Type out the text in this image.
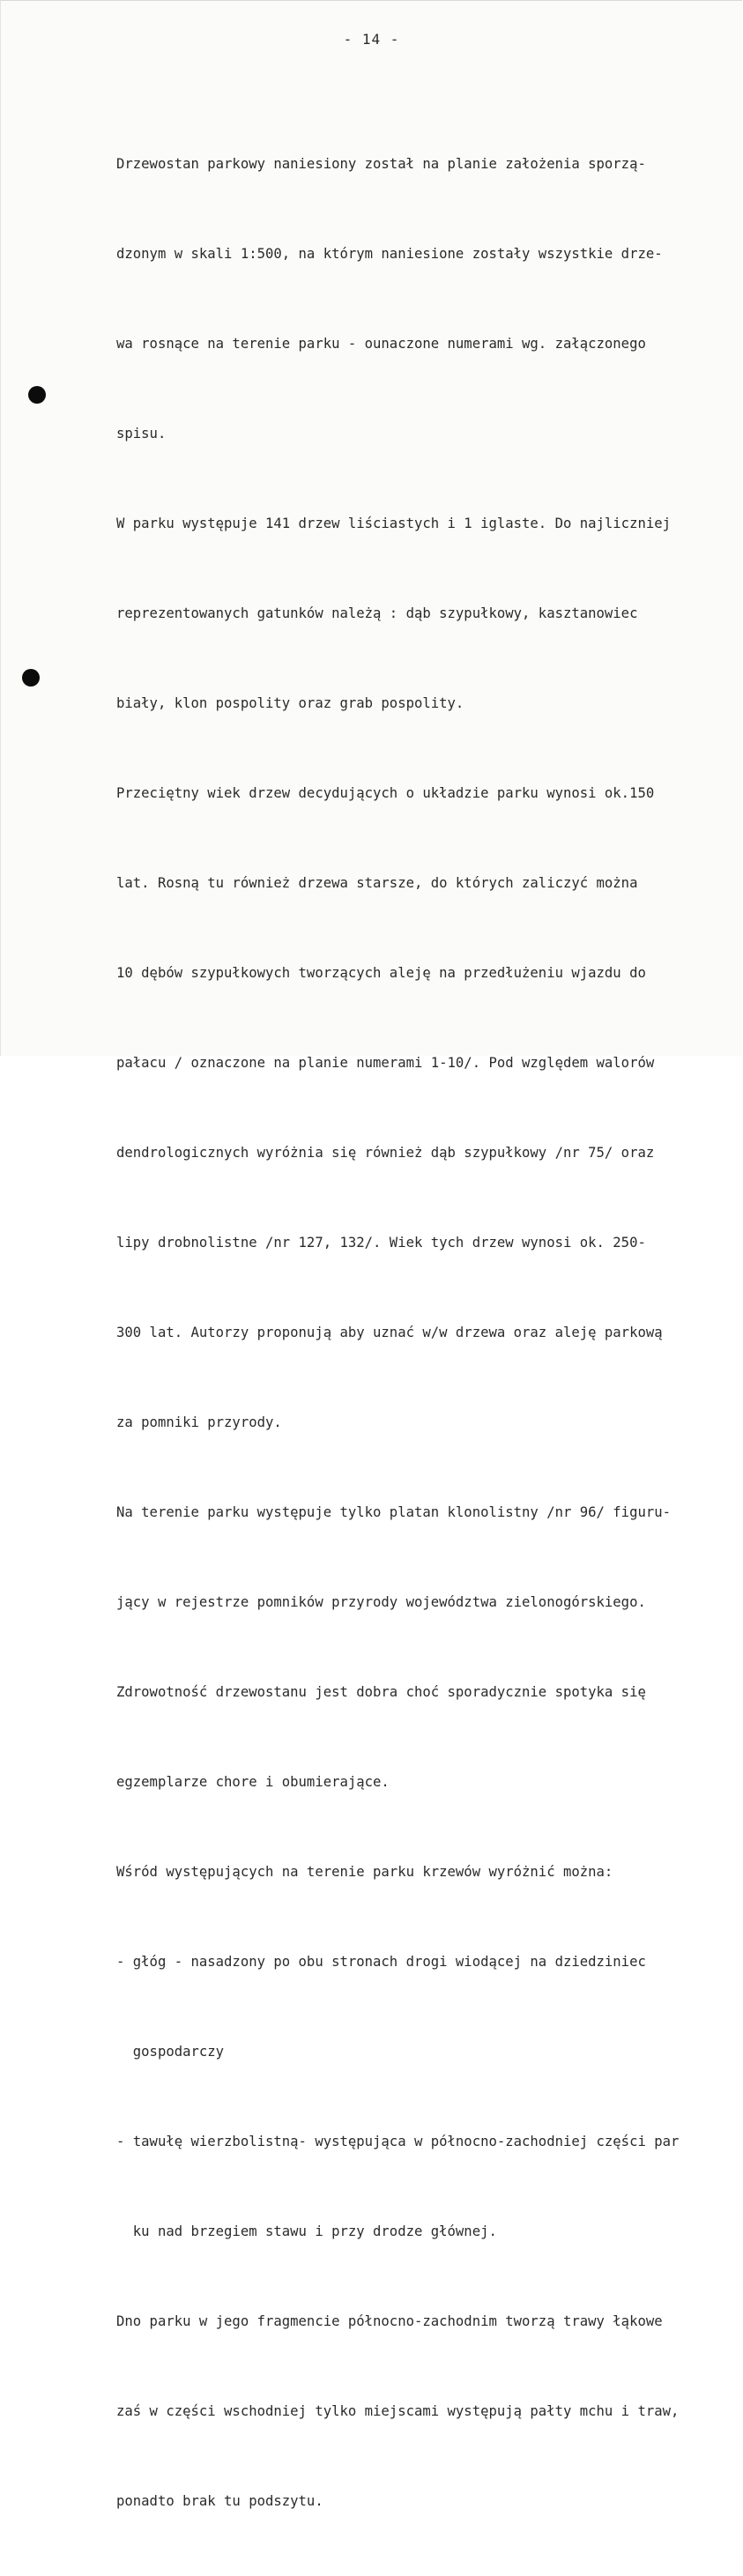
- 14 -

Drzewostan parkowy naniesiony został na planie założenia sporzą-

dzonym w skali 1:500, na którym naniesione zostały wszystkie drze-

wa rosnące na terenie parku - ounaczone numerami wg. załączonego

spisu.

W parku występuje 141 drzew liściastych i 1 iglaste. Do najliczniej

reprezentowanych gatunków należą : dąb szypułkowy, kasztanowiec

biały, klon pospolity oraz grab pospolity.

Przeciętny wiek drzew decydujących o układzie parku wynosi ok.150

lat. Rosną tu również drzewa starsze, do których zaliczyć można

10 dębów szypułkowych tworzących aleję na przedłużeniu wjazdu do

pałacu / oznaczone na planie numerami 1-10/. Pod względem walorów

dendrologicznych wyróżnia się również dąb szypułkowy /nr 75/ oraz

lipy drobnolistne /nr 127, 132/. Wiek tych drzew wynosi ok. 250-

300 lat. Autorzy proponują aby uznać w/w drzewa oraz aleję parkową

za pomniki przyrody.

Na terenie parku występuje tylko platan klonolistny /nr 96/ figuru-

jący w rejestrze pomników przyrody województwa zielonogórskiego.

Zdrowotność drzewostanu jest dobra choć sporadycznie spotyka się

egzemplarze chore i obumierające.

Wśród występujących na terenie parku krzewów wyróżnić można:

- głóg - nasadzony po obu stronach drogi wiodącej na dziedziniec

gospodarczy

- tawułę wierzbolistną- występująca w północno-zachodniej części par

ku nad brzegiem stawu i przy drodze głównej.

Dno parku w jego fragmencie północno-zachodnim tworzą trawy łąkowe

zaś w części wschodniej tylko miejscami występują pałty mchu i traw,

ponadto brak tu podszytu.
